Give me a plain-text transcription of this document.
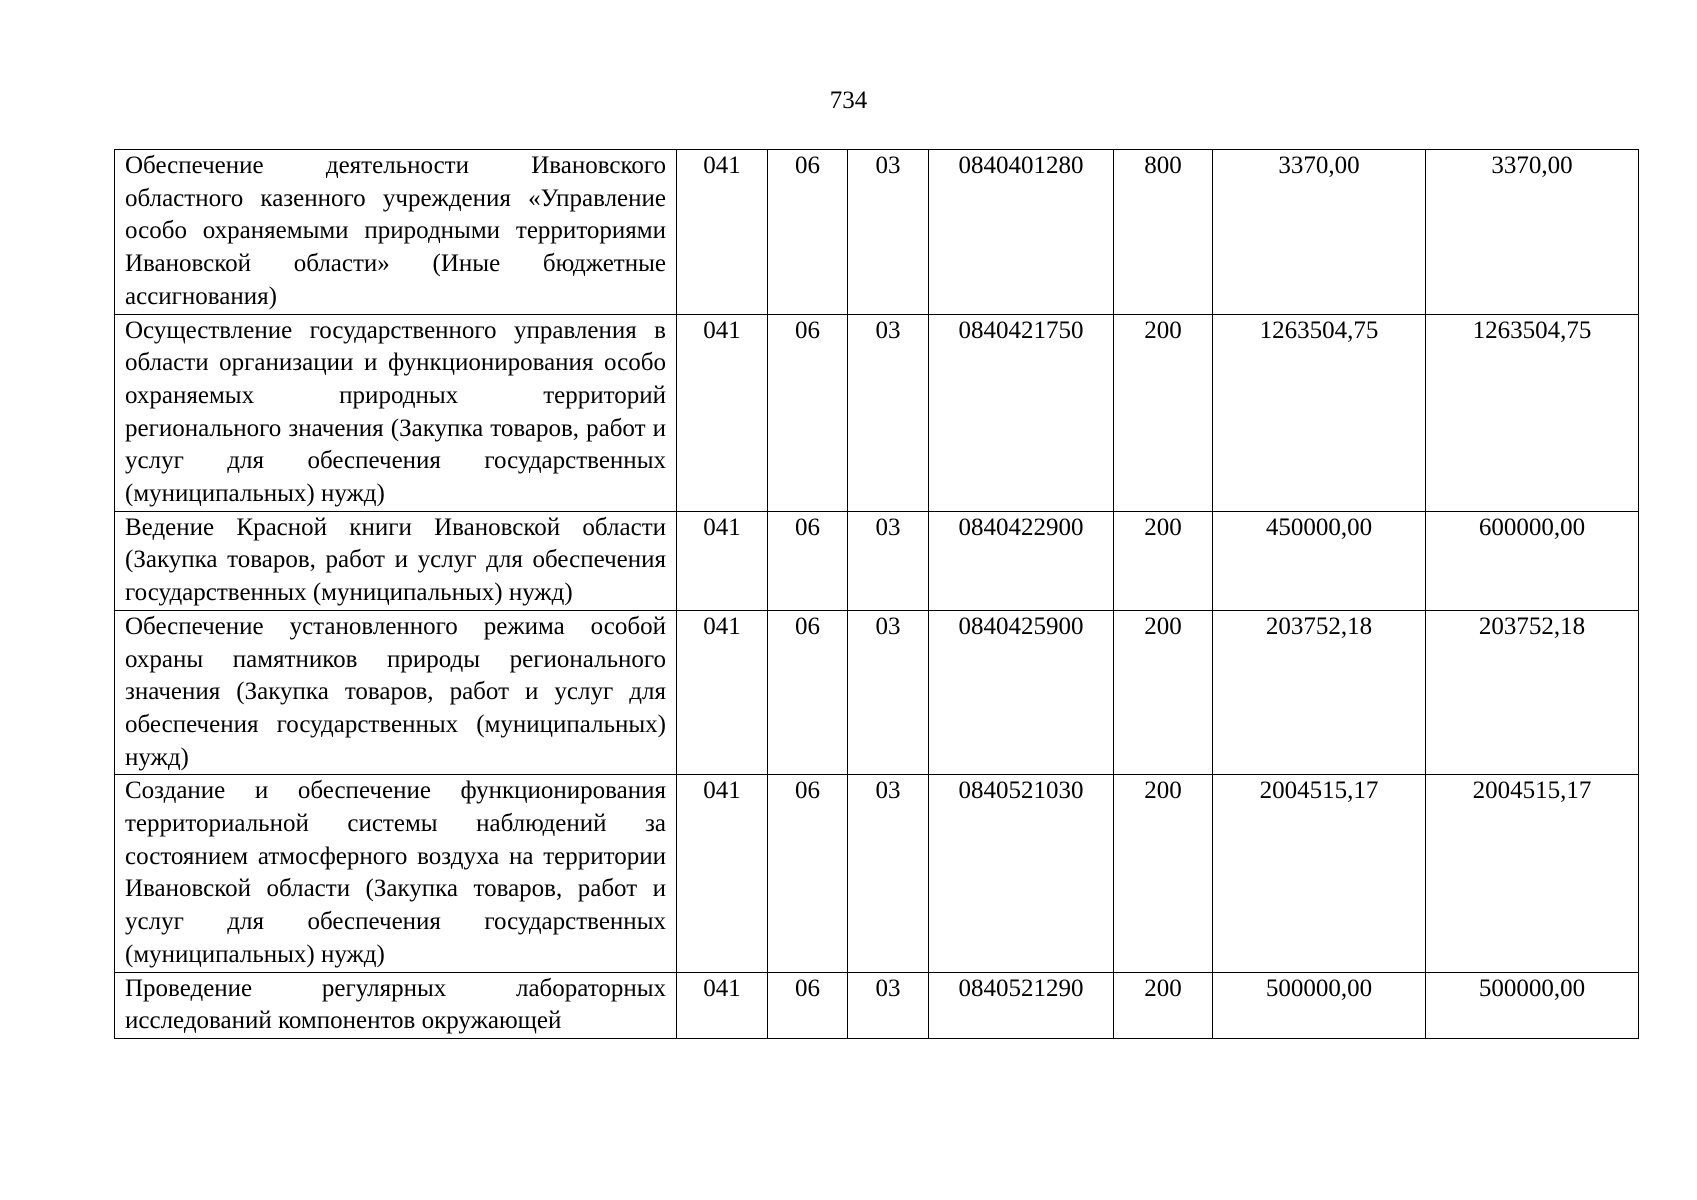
734
Обеспечение деятельности Ивановского областного казенного учреждения «Управление особо охраняемыми природными территориями Ивановской области» (Иные бюджетные ассигнования)	041	06	03	0840401280	800	3370,00	3370,00
Осуществление государственного управления в области организации и функционирования особо охраняемых природных территорий регионального значения (Закупка товаров, работ и услуг для обеспечения государственных (муниципальных) нужд)	041	06	03	0840421750	200	1263504,75	1263504,75
Ведение Красной книги Ивановской области (Закупка товаров, работ и услуг для обеспечения государственных (муниципальных) нужд)	041	06	03	0840422900	200	450000,00	600000,00
Обеспечение установленного режима особой охраны памятников природы регионального значения (Закупка товаров, работ и услуг для обеспечения государственных (муниципальных) нужд)	041	06	03	0840425900	200	203752,18	203752,18
Создание и обеспечение функционирования территориальной системы наблюдений за состоянием атмосферного воздуха на территории Ивановской области (Закупка товаров, работ и услуг для обеспечения государственных (муниципальных) нужд)	041	06	03	0840521030	200	2004515,17	2004515,17
Проведение регулярных лабораторных исследований компонентов окружающей	041	06	03	0840521290	200	500000,00	500000,00
